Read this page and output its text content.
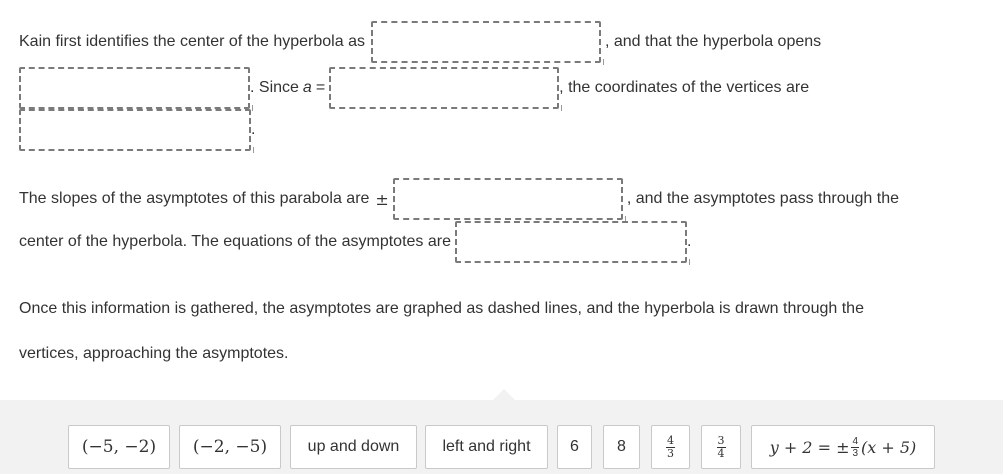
Kain first identifies the center of the hyperbola as	, and that the hyperbola opens
. Since a =	, the coordinates of the vertices are
.
The slopes of the asymptotes of this parabola are ±	, and the asymptotes pass through the
center of the hyperbola. The equations of the asymptotes are	.
Once this information is gathered, the asymptotes are graphed as dashed lines, and the hyperbola is drawn through the
vertices, approaching the asymptotes.
(−5, −2) (−2, −5)	up and down	left and right 6 8	$\frac{4}{3}$	$\frac{3}{4}$	y + 2 = ± $\frac{4}{3} (x + 5)$
